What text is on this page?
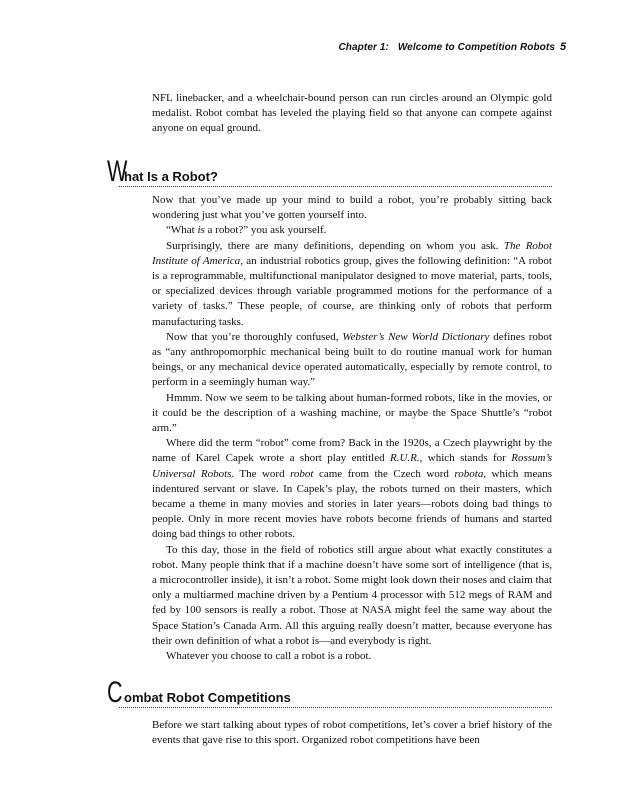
Chapter 1: Welcome to Competition Robots 5

NFL linebacker, and a wheelchair-bound person can run circles around an Olympic gold medalist. Robot combat has leveled the playing field so that anyone can compete against anyone on equal ground.

W
hat Is a Robot?

Now that you’ve made up your mind to build a robot, you’re probably sitting back wondering just what you’ve gotten yourself into.

“What is a robot?” you ask yourself.

Surprisingly, there are many definitions, depending on whom you ask. The Robot Institute of America, an industrial robotics group, gives the following definition: “A robot is a reprogrammable, multifunctional manipulator designed to move material, parts, tools, or specialized devices through variable programmed motions for the performance of a variety of tasks.” These people, of course, are thinking only of robots that perform manufacturing tasks.

Now that you’re thoroughly confused, Webster’s New World Dictionary defines robot as “any anthropomorphic mechanical being built to do routine manual work for human beings, or any mechanical device operated automatically, especially by remote control, to perform in a seemingly human way.”

Hmmm. Now we seem to be talking about human-formed robots, like in the movies, or it could be the description of a washing machine, or maybe the Space Shuttle’s “robot arm.”

Where did the term “robot” come from? Back in the 1920s, a Czech playwright by the name of Karel Capek wrote a short play entitled R.U.R., which stands for Rossum’s Universal Robots. The word robot came from the Czech word robota, which means indentured servant or slave. In Capek’s play, the robots turned on their masters, which became a theme in many movies and stories in later years—robots doing bad things to people. Only in more recent movies have robots become friends of humans and started doing bad things to other robots.

To this day, those in the field of robotics still argue about what exactly constitutes a robot. Many people think that if a machine doesn’t have some sort of intelligence (that is, a microcontroller inside), it isn’t a robot. Some might look down their noses and claim that only a multiarmed machine driven by a Pentium 4 processor with 512 megs of RAM and fed by 100 sensors is really a robot. Those at NASA might feel the same way about the Space Station’s Canada Arm. All this arguing really doesn’t matter, because everyone has their own definition of what a robot is—and everybody is right.

Whatever you choose to call a robot is a robot.

C ombat Robot Competitions

Before we start talking about types of robot competitions, let’s cover a brief history of the events that gave rise to this sport. Organized robot competitions have been
